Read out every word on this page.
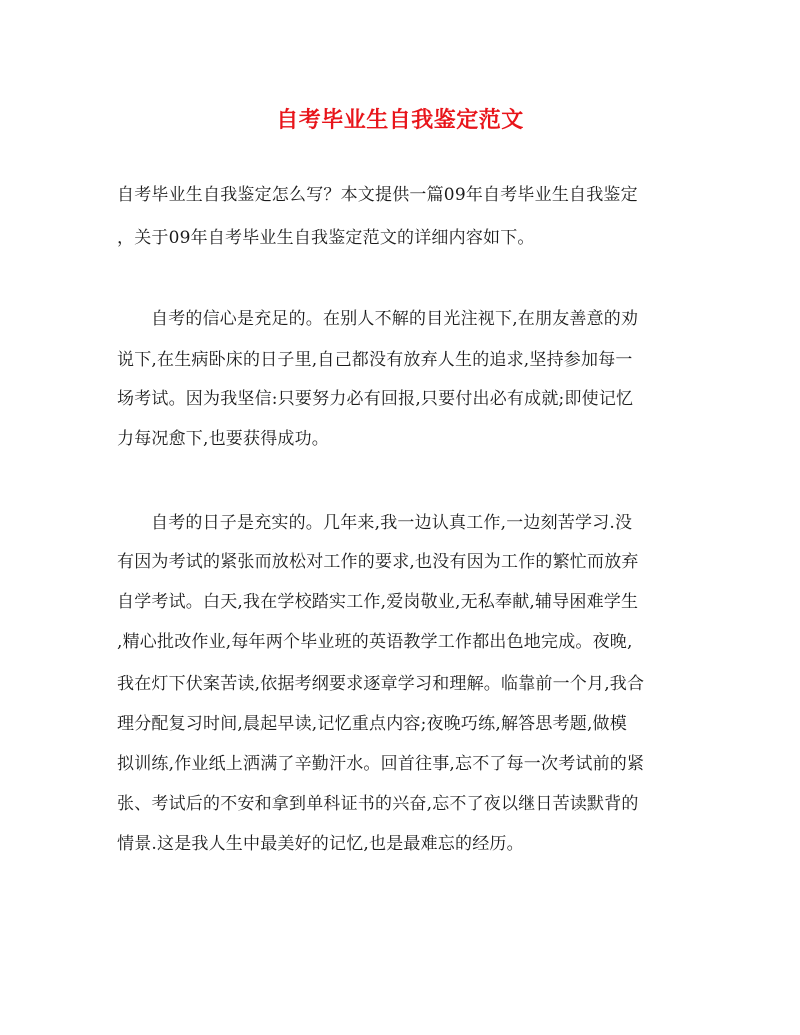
自考毕业生自我鉴定范文
自考毕业生自我鉴定怎么写？本文提供一篇09年自考毕业生自我鉴定
，关于09年自考毕业生自我鉴定范文的详细内容如下。
自考的信心是充足的。在别人不解的目光注视下,在朋友善意的劝
说下,在生病卧床的日子里,自己都没有放弃人生的追求,坚持参加每一
场考试。因为我坚信:只要努力必有回报,只要付出必有成就;即使记忆
力每况愈下,也要获得成功。
自考的日子是充实的。几年来,我一边认真工作,一边刻苦学习.没
有因为考试的紧张而放松对工作的要求,也没有因为工作的繁忙而放弃
自学考试。白天,我在学校踏实工作,爱岗敬业,无私奉献,辅导困难学生
,精心批改作业,每年两个毕业班的英语教学工作都出色地完成。夜晚,
我在灯下伏案苦读,依据考纲要求逐章学习和理解。临靠前一个月,我合
理分配复习时间,晨起早读,记忆重点内容;夜晚巧练,解答思考题,做模
拟训练,作业纸上洒满了辛勤汗水。回首往事,忘不了每一次考试前的紧
张、考试后的不安和拿到单科证书的兴奋,忘不了夜以继日苦读默背的
情景.这是我人生中最美好的记忆,也是最难忘的经历。
